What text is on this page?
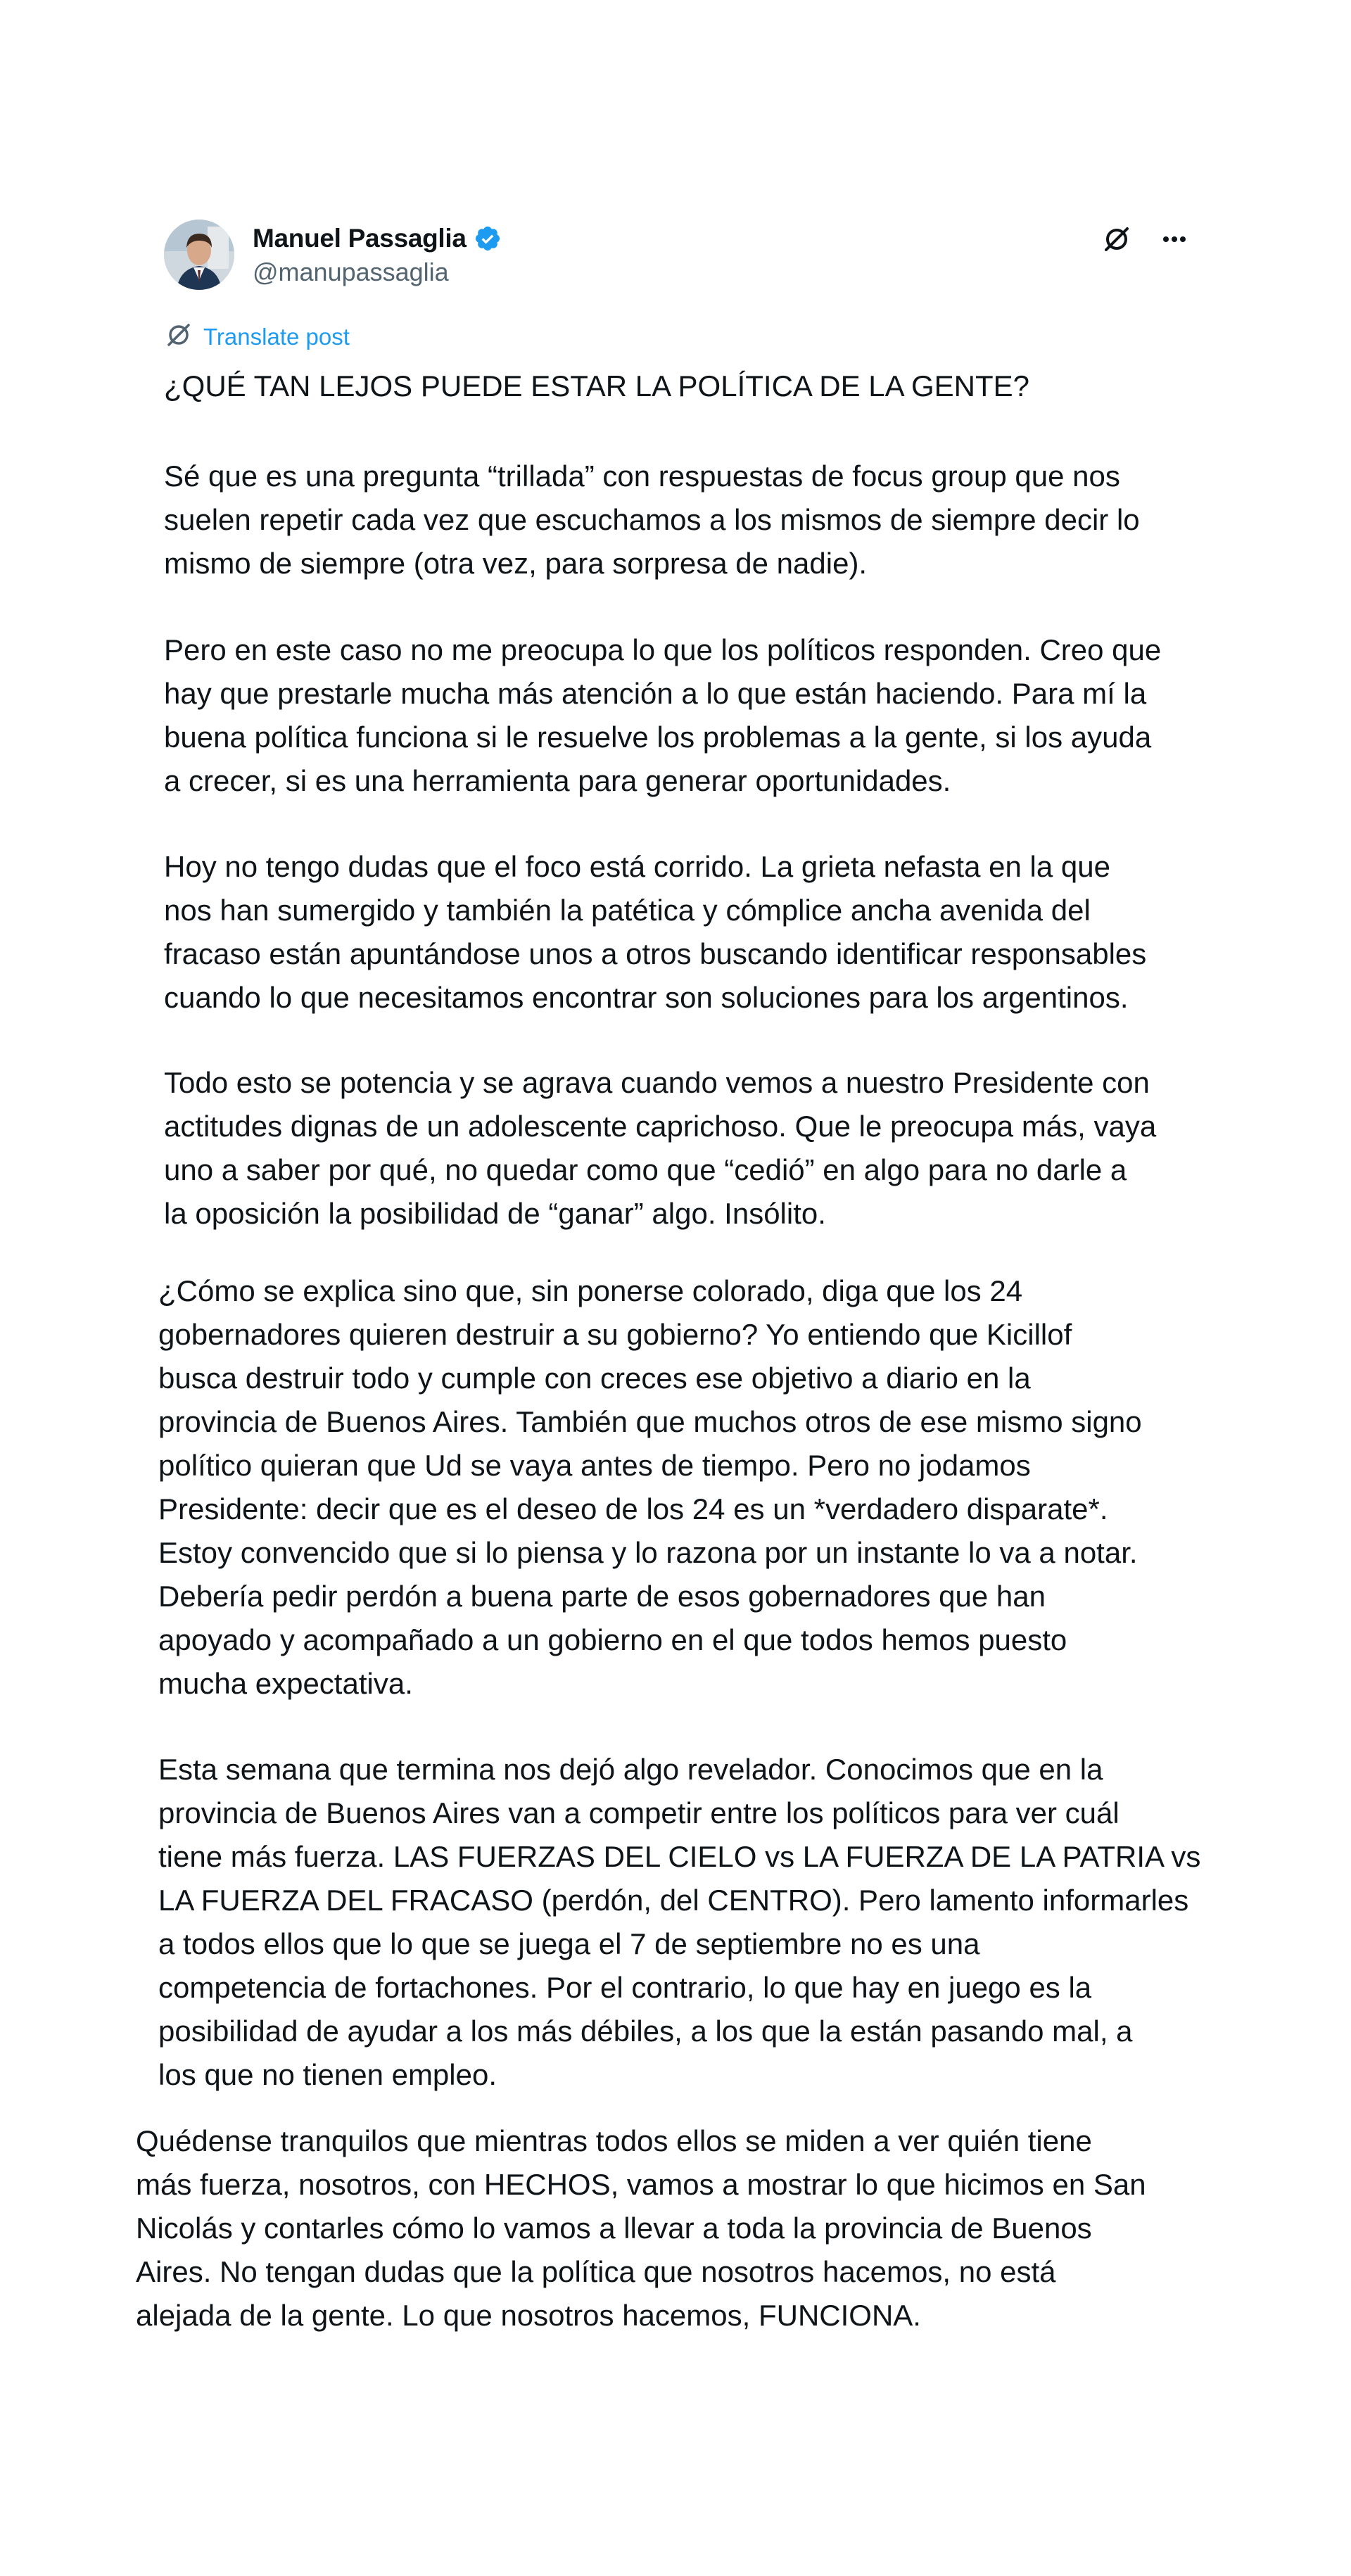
Manuel Passaglia
@manupassaglia
Translate post

¿QUÉ TAN LEJOS PUEDE ESTAR LA POLÍTICA DE LA GENTE?

Sé que es una pregunta “trillada” con respuestas de focus group que nos
suelen repetir cada vez que escuchamos a los mismos de siempre decir lo
mismo de siempre (otra vez, para sorpresa de nadie).

Pero en este caso no me preocupa lo que los políticos responden. Creo que
hay que prestarle mucha más atención a lo que están haciendo. Para mí la
buena política funciona si le resuelve los problemas a la gente, si los ayuda
a crecer, si es una herramienta para generar oportunidades.

Hoy no tengo dudas que el foco está corrido. La grieta nefasta en la que
nos han sumergido y también la patética y cómplice ancha avenida del
fracaso están apuntándose unos a otros buscando identificar responsables
cuando lo que necesitamos encontrar son soluciones para los argentinos.

Todo esto se potencia y se agrava cuando vemos a nuestro Presidente con
actitudes dignas de un adolescente caprichoso. Que le preocupa más, vaya
uno a saber por qué, no quedar como que “cedió” en algo para no darle a
la oposición la posibilidad de “ganar” algo. Insólito.

¿Cómo se explica sino que, sin ponerse colorado, diga que los 24
gobernadores quieren destruir a su gobierno? Yo entiendo que Kicillof
busca destruir todo y cumple con creces ese objetivo a diario en la
provincia de Buenos Aires. También que muchos otros de ese mismo signo
político quieran que Ud se vaya antes de tiempo. Pero no jodamos
Presidente: decir que es el deseo de los 24 es un *verdadero disparate*.
Estoy convencido que si lo piensa y lo razona por un instante lo va a notar.
Debería pedir perdón a buena parte de esos gobernadores que han
apoyado y acompañado a un gobierno en el que todos hemos puesto
mucha expectativa.

Esta semana que termina nos dejó algo revelador. Conocimos que en la
provincia de Buenos Aires van a competir entre los políticos para ver cuál
tiene más fuerza. LAS FUERZAS DEL CIELO vs LA FUERZA DE LA PATRIA vs
LA FUERZA DEL FRACASO (perdón, del CENTRO). Pero lamento informarles
a todos ellos que lo que se juega el 7 de septiembre no es una
competencia de fortachones. Por el contrario, lo que hay en juego es la
posibilidad de ayudar a los más débiles, a los que la están pasando mal, a
los que no tienen empleo.

Quédense tranquilos que mientras todos ellos se miden a ver quién tiene
más fuerza, nosotros, con HECHOS, vamos a mostrar lo que hicimos en San
Nicolás y contarles cómo lo vamos a llevar a toda la provincia de Buenos
Aires. No tengan dudas que la política que nosotros hacemos, no está
alejada de la gente. Lo que nosotros hacemos, FUNCIONA.
